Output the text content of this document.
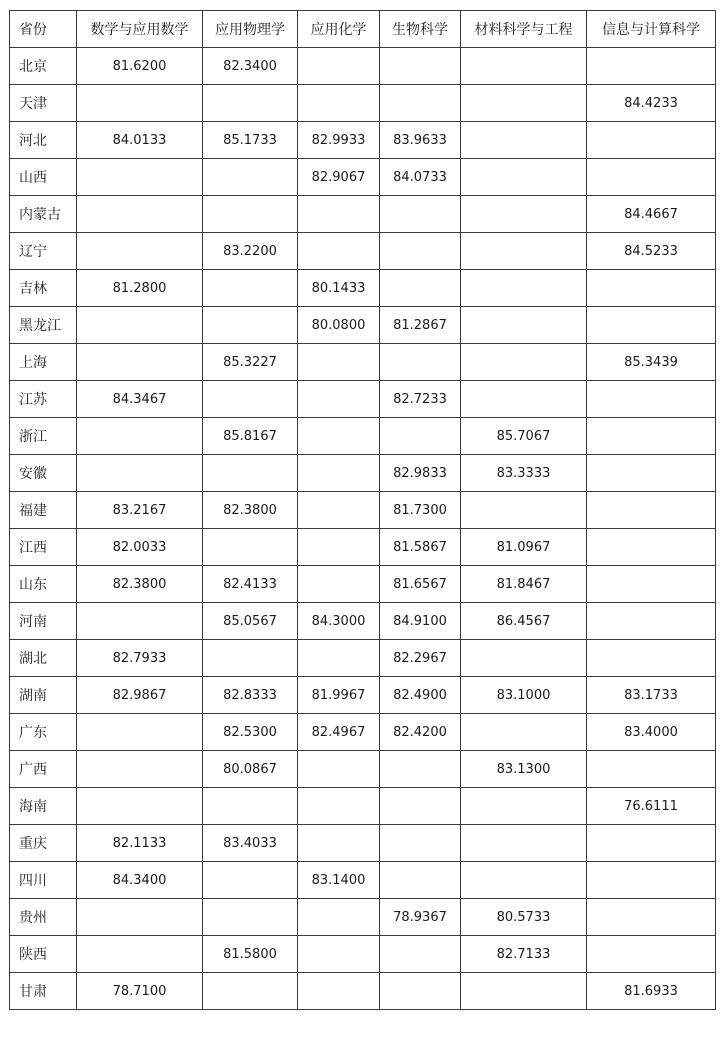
省份	数学与应用数学	应用物理学	应用化学	生物科学	材料科学与工程	信息与计算科学
北京	81.6200	82.3400				
天津						84.4233
河北	84.0133	85.1733	82.9933	83.9633		
山西			82.9067	84.0733		
内蒙古						84.4667
辽宁		83.2200				84.5233
吉林	81.2800		80.1433			
黑龙江			80.0800	81.2867		
上海		85.3227				85.3439
江苏	84.3467			82.7233		
浙江		85.8167			85.7067	
安徽				82.9833	83.3333	
福建	83.2167	82.3800		81.7300		
江西	82.0033			81.5867	81.0967	
山东	82.3800	82.4133		81.6567	81.8467	
河南		85.0567	84.3000	84.9100	86.4567	
湖北	82.7933			82.2967		
湖南	82.9867	82.8333	81.9967	82.4900	83.1000	83.1733
广东		82.5300	82.4967	82.4200		83.4000
广西		80.0867			83.1300	
海南						76.6111
重庆	82.1133	83.4033				
四川	84.3400		83.1400			
贵州				78.9367	80.5733	
陕西		81.5800			82.7133	
甘肃	78.7100					81.6933
